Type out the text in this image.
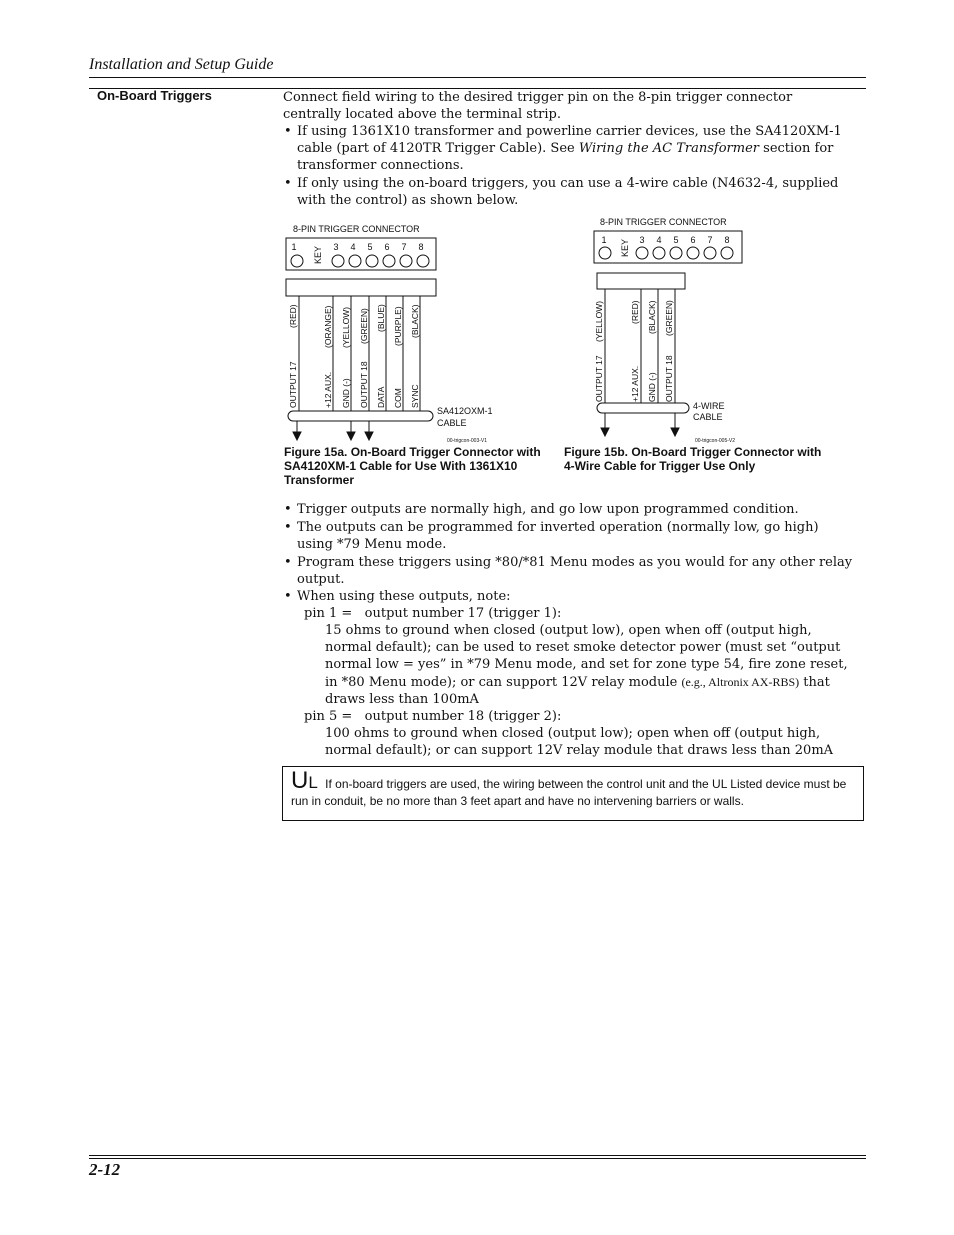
Installation and Setup Guide
On-Board Triggers	Connect field wiring to the desired trigger pin on the 8-pin trigger connector centrally located above the terminal strip.
• If using 1361X10 transformer and powerline carrier devices, use the SA4120XM-1 cable (part of 4120TR Trigger Cable). See Wiring the AC Transformer section for transformer connections.
• If only using the on-board triggers, you can use a 4-wire cable (N4632-4, supplied with the control) as shown below.
8-PIN TRIGGER CONNECTOR
1 KEY 3 4 5 6 7 8
OUTPUT 17
(RED)
+12 AUX.
(ORANGE)
GND (-)
(YELLOW)
OUTPUT 18
(GREEN)
DATA
(BLUE)
COM
(PURPLE)
SYNC
(BLACK)
SA412OXM-1
CABLE
00-trigcon-003-V1
Figure 15a. On-Board Trigger Connector with SA4120XM-1 Cable for Use With 1361X10 Transformer
8-PIN TRIGGER CONNECTOR
1 KEY 3 4 5 6 7 8
OUTPUT 17
(YELLOW)
+12 AUX.
(RED)
GND (-)
(BLACK)
OUTPUT 18
(GREEN)
4-WIRE
CABLE
00-trigcon-005-V2
Figure 15b. On-Board Trigger Connector with 4-Wire Cable for Trigger Use Only
• Trigger outputs are normally high, and go low upon programmed condition.
• The outputs can be programmed for inverted operation (normally low, go high) using *79 Menu mode.
• Program these triggers using *80/*81 Menu modes as you would for any other relay output.
• When using these outputs, note:
pin 1 =   output number 17 (trigger 1):
15 ohms to ground when closed (output low), open when off (output high, normal default); can be used to reset smoke detector power (must set “output normal low = yes” in *79 Menu mode, and set for zone type 54, fire zone reset, in *80 Menu mode); or can support 12V relay module (e.g., Altronix AX-RBS) that draws less than 100mA
pin 5 =   output number 18 (trigger 2):
100 ohms to ground when closed (output low); open when off (output high, normal default); or can support 12V relay module that draws less than 20mA
UL If on-board triggers are used, the wiring between the control unit and the UL Listed device must be run in conduit, be no more than 3 feet apart and have no intervening barriers or walls.
2-12
